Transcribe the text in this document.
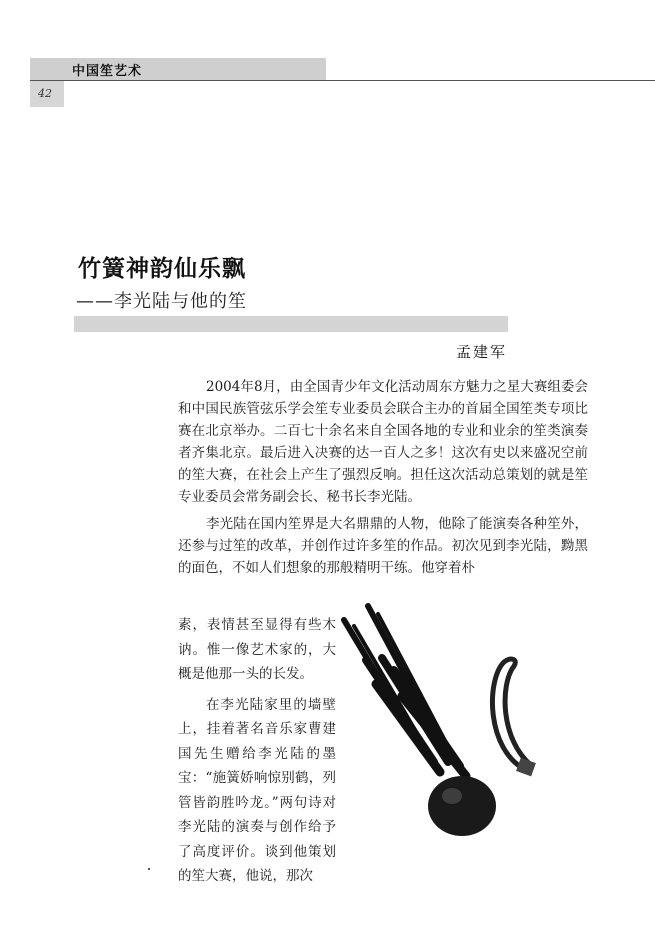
中国笙艺术
42
竹簧神韵仙乐飘
——李光陆与他的笙
孟建军

2004年8月，由全国青少年文化活动周东方魅力之星大赛组委会和中国民族管弦乐学会笙专业委员会联合主办的首届全国笙类专项比赛在北京举办。二百七十余名来自全国各地的专业和业余的笙类演奏者齐集北京。最后进入决赛的达一百人之多！这次有史以来盛况空前的笙大赛，在社会上产生了强烈反响。担任这次活动总策划的就是笙专业委员会常务副会长、秘书长李光陆。

李光陆在国内笙界是大名鼎鼎的人物，他除了能演奏各种笙外，还参与过笙的改革，并创作过许多笙的作品。初次见到李光陆，黝黑的面色，不如人们想象的那般精明干练。他穿着朴

素，表情甚至显得有些木讷。惟一像艺术家的，大概是他那一头的长发。

在李光陆家里的墙壁上，挂着著名音乐家曹建国先生赠给李光陆的墨宝：“施簧娇响惊别鹤，列管皆韵胜吟龙。”两句诗对李光陆的演奏与创作给予了高度评价。谈到他策划的笙大赛，他说，那次
